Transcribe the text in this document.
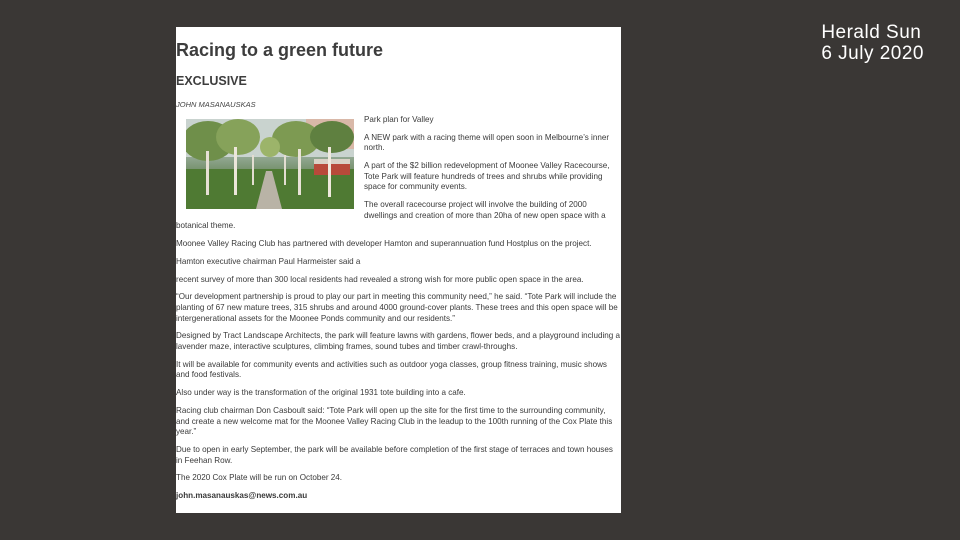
Herald Sun
6 July 2020
Racing to a green future
EXCLUSIVE
JOHN MASANAUSKAS

Park plan for Valley

A NEW park with a racing theme will open soon in Melbourne’s inner north.

A part of the $2 billion redevelopment of Moonee Valley Racecourse, Tote Park will feature hundreds of trees and shrubs while providing space for community events.

The overall racecourse project will involve the building of 2000 dwellings and creation of more than 20ha of new open space with a botanical theme.

Moonee Valley Racing Club has partnered with developer Hamton and superannuation fund Hostplus on the project.

Hamton executive chairman Paul Harmeister said a

recent survey of more than 300 local residents had revealed a strong wish for more public open space in the area.

“Our development partnership is proud to play our part in meeting this community need,” he said. “Tote Park will include the planting of 67 new mature trees, 315 shrubs and around 4000 ground-cover plants. These trees and this open space will be intergenerational assets for the Moonee Ponds community and our residents.”

Designed by Tract Landscape Architects, the park will feature lawns with gardens, flower beds, and a playground including a lavender maze, interactive sculptures, climbing frames, sound tubes and timber crawl-throughs.

It will be available for community events and activities such as outdoor yoga classes, group fitness training, music shows and food festivals.

Also under way is the transformation of the original 1931 tote building into a cafe.

Racing club chairman Don Casboult said: “Tote Park will open up the site for the first time to the surrounding community, and create a new welcome mat for the Moonee Valley Racing Club in the leadup to the 100th running of the Cox Plate this year.”

Due to open in early September, the park will be available before completion of the first stage of terraces and town houses in Feehan Row.

The 2020 Cox Plate will be run on October 24.

john.masanauskas@news.com.au
